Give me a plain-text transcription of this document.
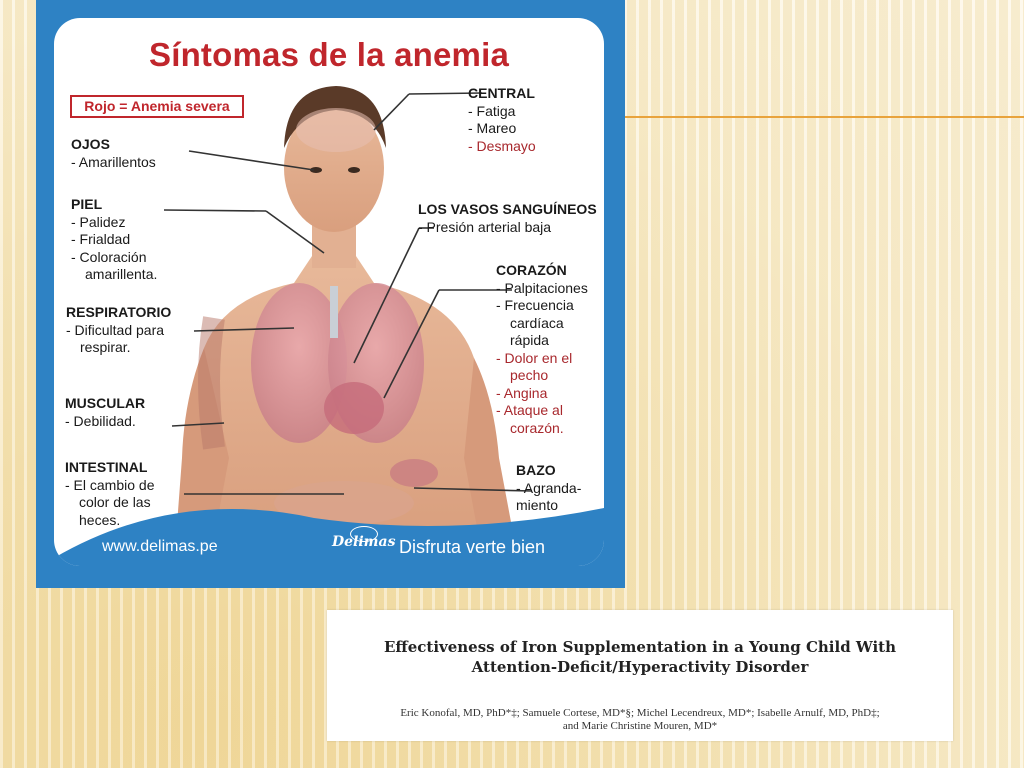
Síntomas de la anemia
Rojo = Anemia severa
OJOS
- Amarillentos
PIEL
- Palidez
- Frialdad
- Coloración
amarillenta.
RESPIRATORIO
- Dificultad para
respirar.
MUSCULAR
- Debilidad.
INTESTINAL
- El cambio de
color de las
heces.
CENTRAL
- Fatiga
- Mareo
- Desmayo
LOS VASOS SANGUÍNEOS
- Presión arterial baja
CORAZÓN
- Palpitaciones
- Frecuencia
cardíaca
rápida
- Dolor en el
pecho
- Angina
- Ataque al
corazón.
BAZO
- Agranda-
miento
www.delimas.pe	Delimas Disfruta verte bien
Effectiveness of Iron Supplementation in a Young Child With
Attention-Deficit/Hyperactivity Disorder
Eric Konofal, MD, PhD*‡; Samuele Cortese, MD*§; Michel Lecendreux, MD*; Isabelle Arnulf, MD, PhD‡;
and Marie Christine Mouren, MD*
